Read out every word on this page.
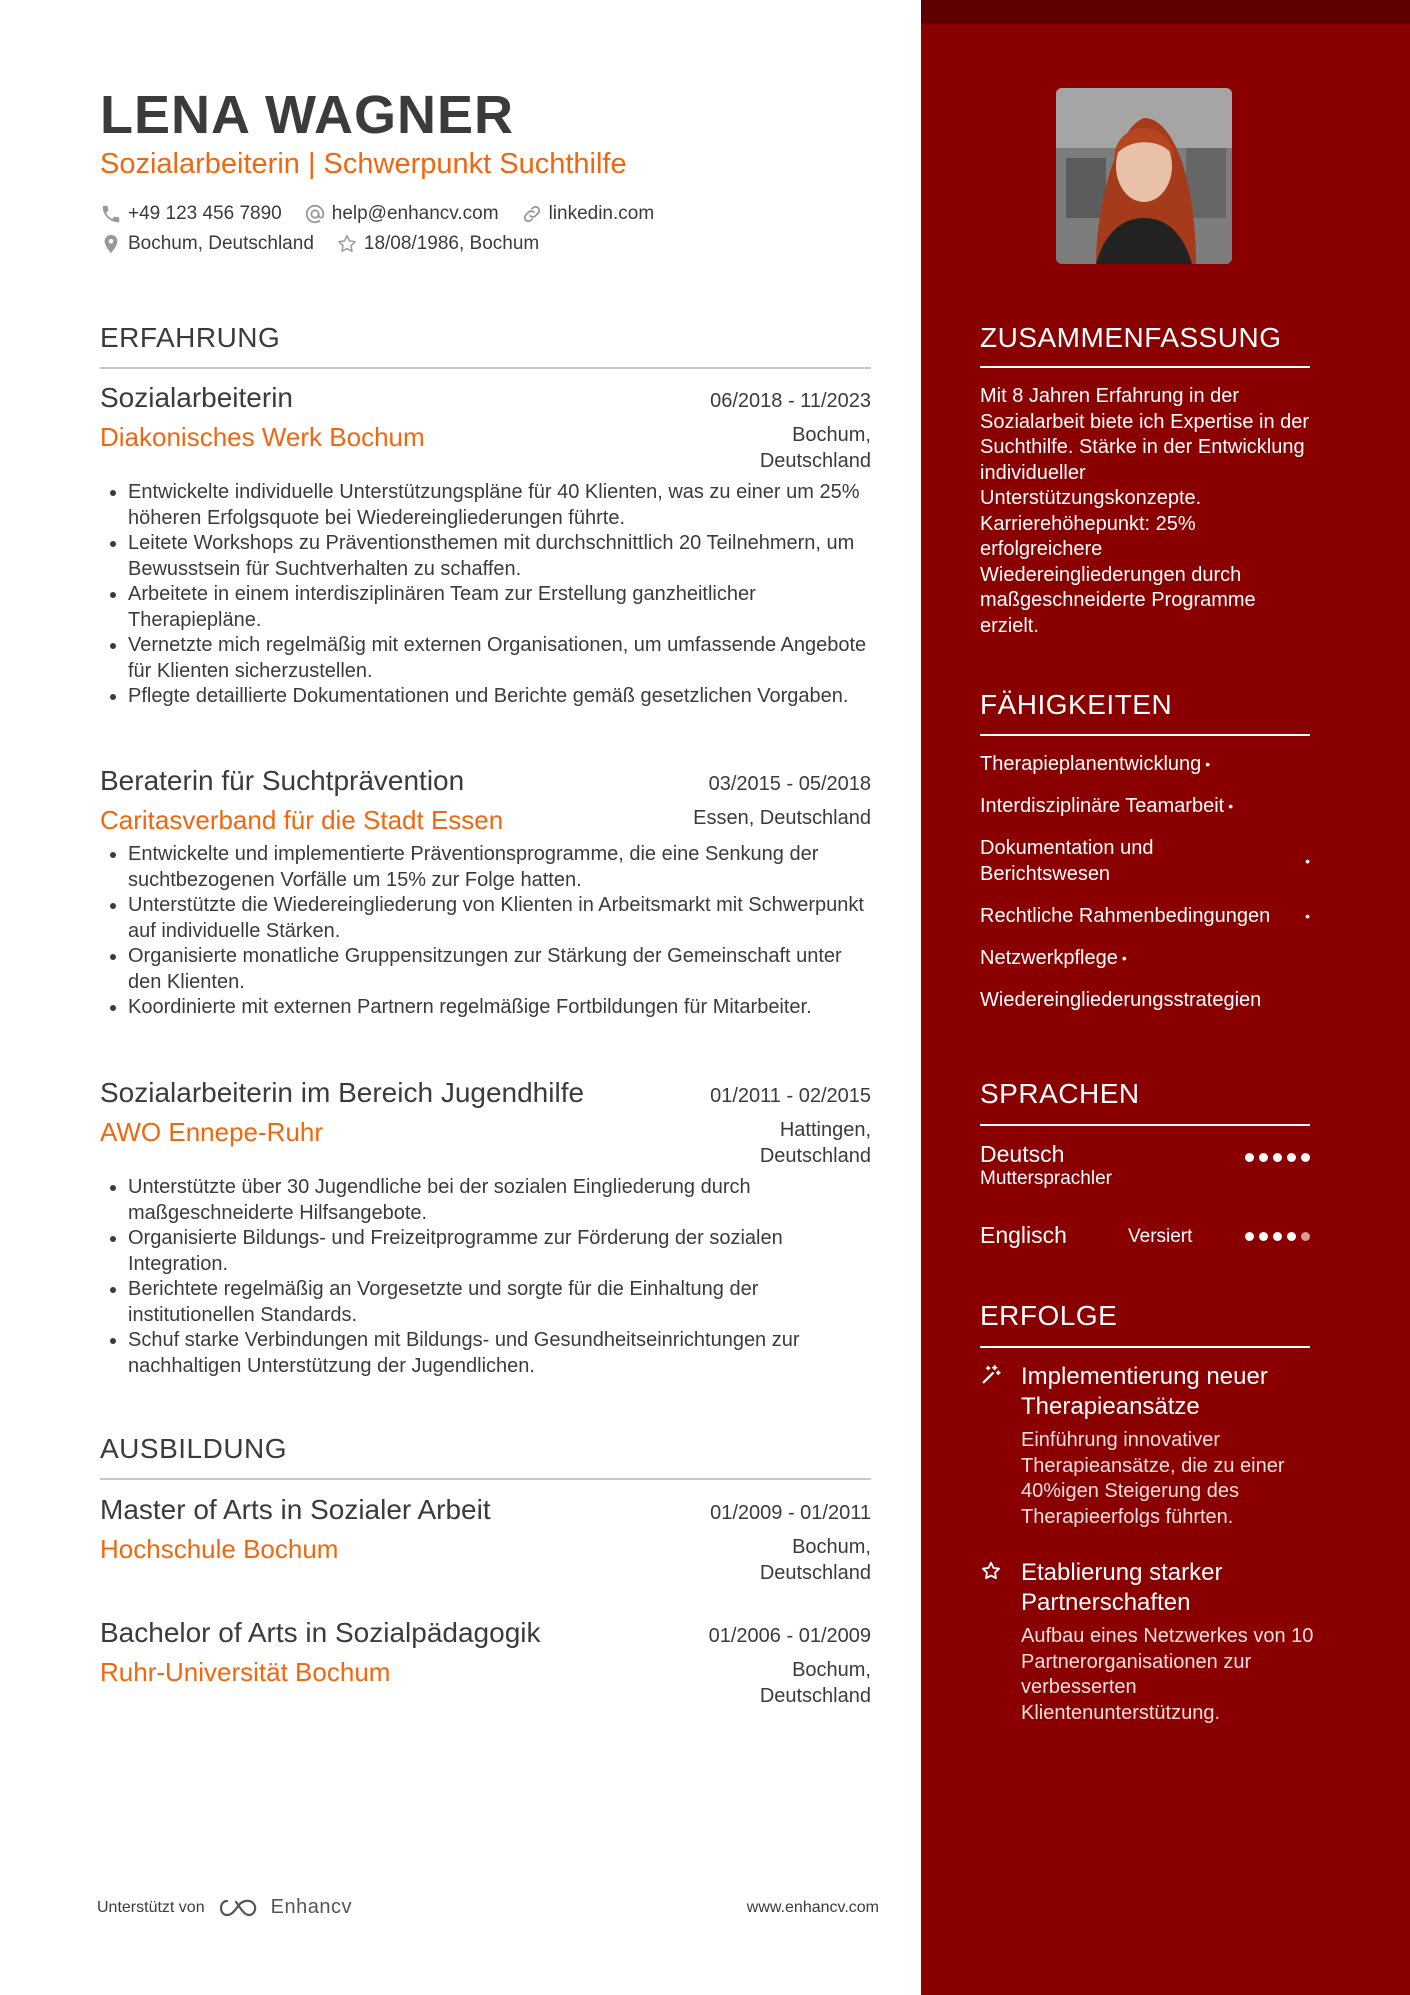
LENA WAGNER
Sozialarbeiterin | Schwerpunkt Suchthilfe
+49 123 456 7890	help@enhancv.com	linkedin.com
Bochum, Deutschland	18/08/1986, Bochum
ERFAHRUNG
Sozialarbeiterin	06/2018 - 11/2023
Diakonisches Werk Bochum	Bochum, Deutschland
• Entwickelte individuelle Unterstützungspläne für 40 Klienten, was zu einer um 25% höheren Erfolgsquote bei Wiedereingliederungen führte.
• Leitete Workshops zu Präventionsthemen mit durchschnittlich 20 Teilnehmern, um Bewusstsein für Suchtverhalten zu schaffen.
• Arbeitete in einem interdisziplinären Team zur Erstellung ganzheitlicher Therapiepläne.
• Vernetzte mich regelmäßig mit externen Organisationen, um umfassende Angebote für Klienten sicherzustellen.
• Pflegte detaillierte Dokumentationen und Berichte gemäß gesetzlichen Vorgaben.
Beraterin für Suchtprävention	03/2015 - 05/2018
Caritasverband für die Stadt Essen	Essen, Deutschland
• Entwickelte und implementierte Präventionsprogramme, die eine Senkung der suchtbezogenen Vorfälle um 15% zur Folge hatten.
• Unterstützte die Wiedereingliederung von Klienten in Arbeitsmarkt mit Schwerpunkt auf individuelle Stärken.
• Organisierte monatliche Gruppensitzungen zur Stärkung der Gemeinschaft unter den Klienten.
• Koordinierte mit externen Partnern regelmäßige Fortbildungen für Mitarbeiter.
Sozialarbeiterin im Bereich Jugendhilfe	01/2011 - 02/2015
AWO Ennepe-Ruhr	Hattingen, Deutschland
• Unterstützte über 30 Jugendliche bei der sozialen Eingliederung durch maßgeschneiderte Hilfsangebote.
• Organisierte Bildungs- und Freizeitprogramme zur Förderung der sozialen Integration.
• Berichtete regelmäßig an Vorgesetzte und sorgte für die Einhaltung der institutionellen Standards.
• Schuf starke Verbindungen mit Bildungs- und Gesundheitseinrichtungen zur nachhaltigen Unterstützung der Jugendlichen.
AUSBILDUNG
Master of Arts in Sozialer Arbeit	01/2009 - 01/2011
Hochschule Bochum	Bochum, Deutschland
Bachelor of Arts in Sozialpädagogik	01/2006 - 01/2009
Ruhr-Universität Bochum	Bochum, Deutschland
Unterstützt von	Enhancv	www.enhancv.com
ZUSAMMENFASSUNG
Mit 8 Jahren Erfahrung in der Sozialarbeit biete ich Expertise in der Suchthilfe. Stärke in der Entwicklung individueller Unterstützungskonzepte. Karrierehöhepunkt: 25% erfolgreichere Wiedereingliederungen durch maßgeschneiderte Programme erzielt.
FÄHIGKEITEN
Therapieplanentwicklung •
Interdisziplinäre Teamarbeit •
Dokumentation und Berichtswesen
•
Rechtliche Rahmenbedingungen •
Netzwerkpflege •
Wiedereingliederungsstrategien
SPRACHEN
Deutsch
Muttersprachler
Englisch	Versiert
ERFOLGE
Implementierung neuer Therapieansätze
Einführung innovativer Therapieansätze, die zu einer 40%igen Steigerung des Therapieerfolgs führten.
Etablierung starker Partnerschaften
Aufbau eines Netzwerkes von 10 Partnerorganisationen zur verbesserten Klientenunterstützung.
